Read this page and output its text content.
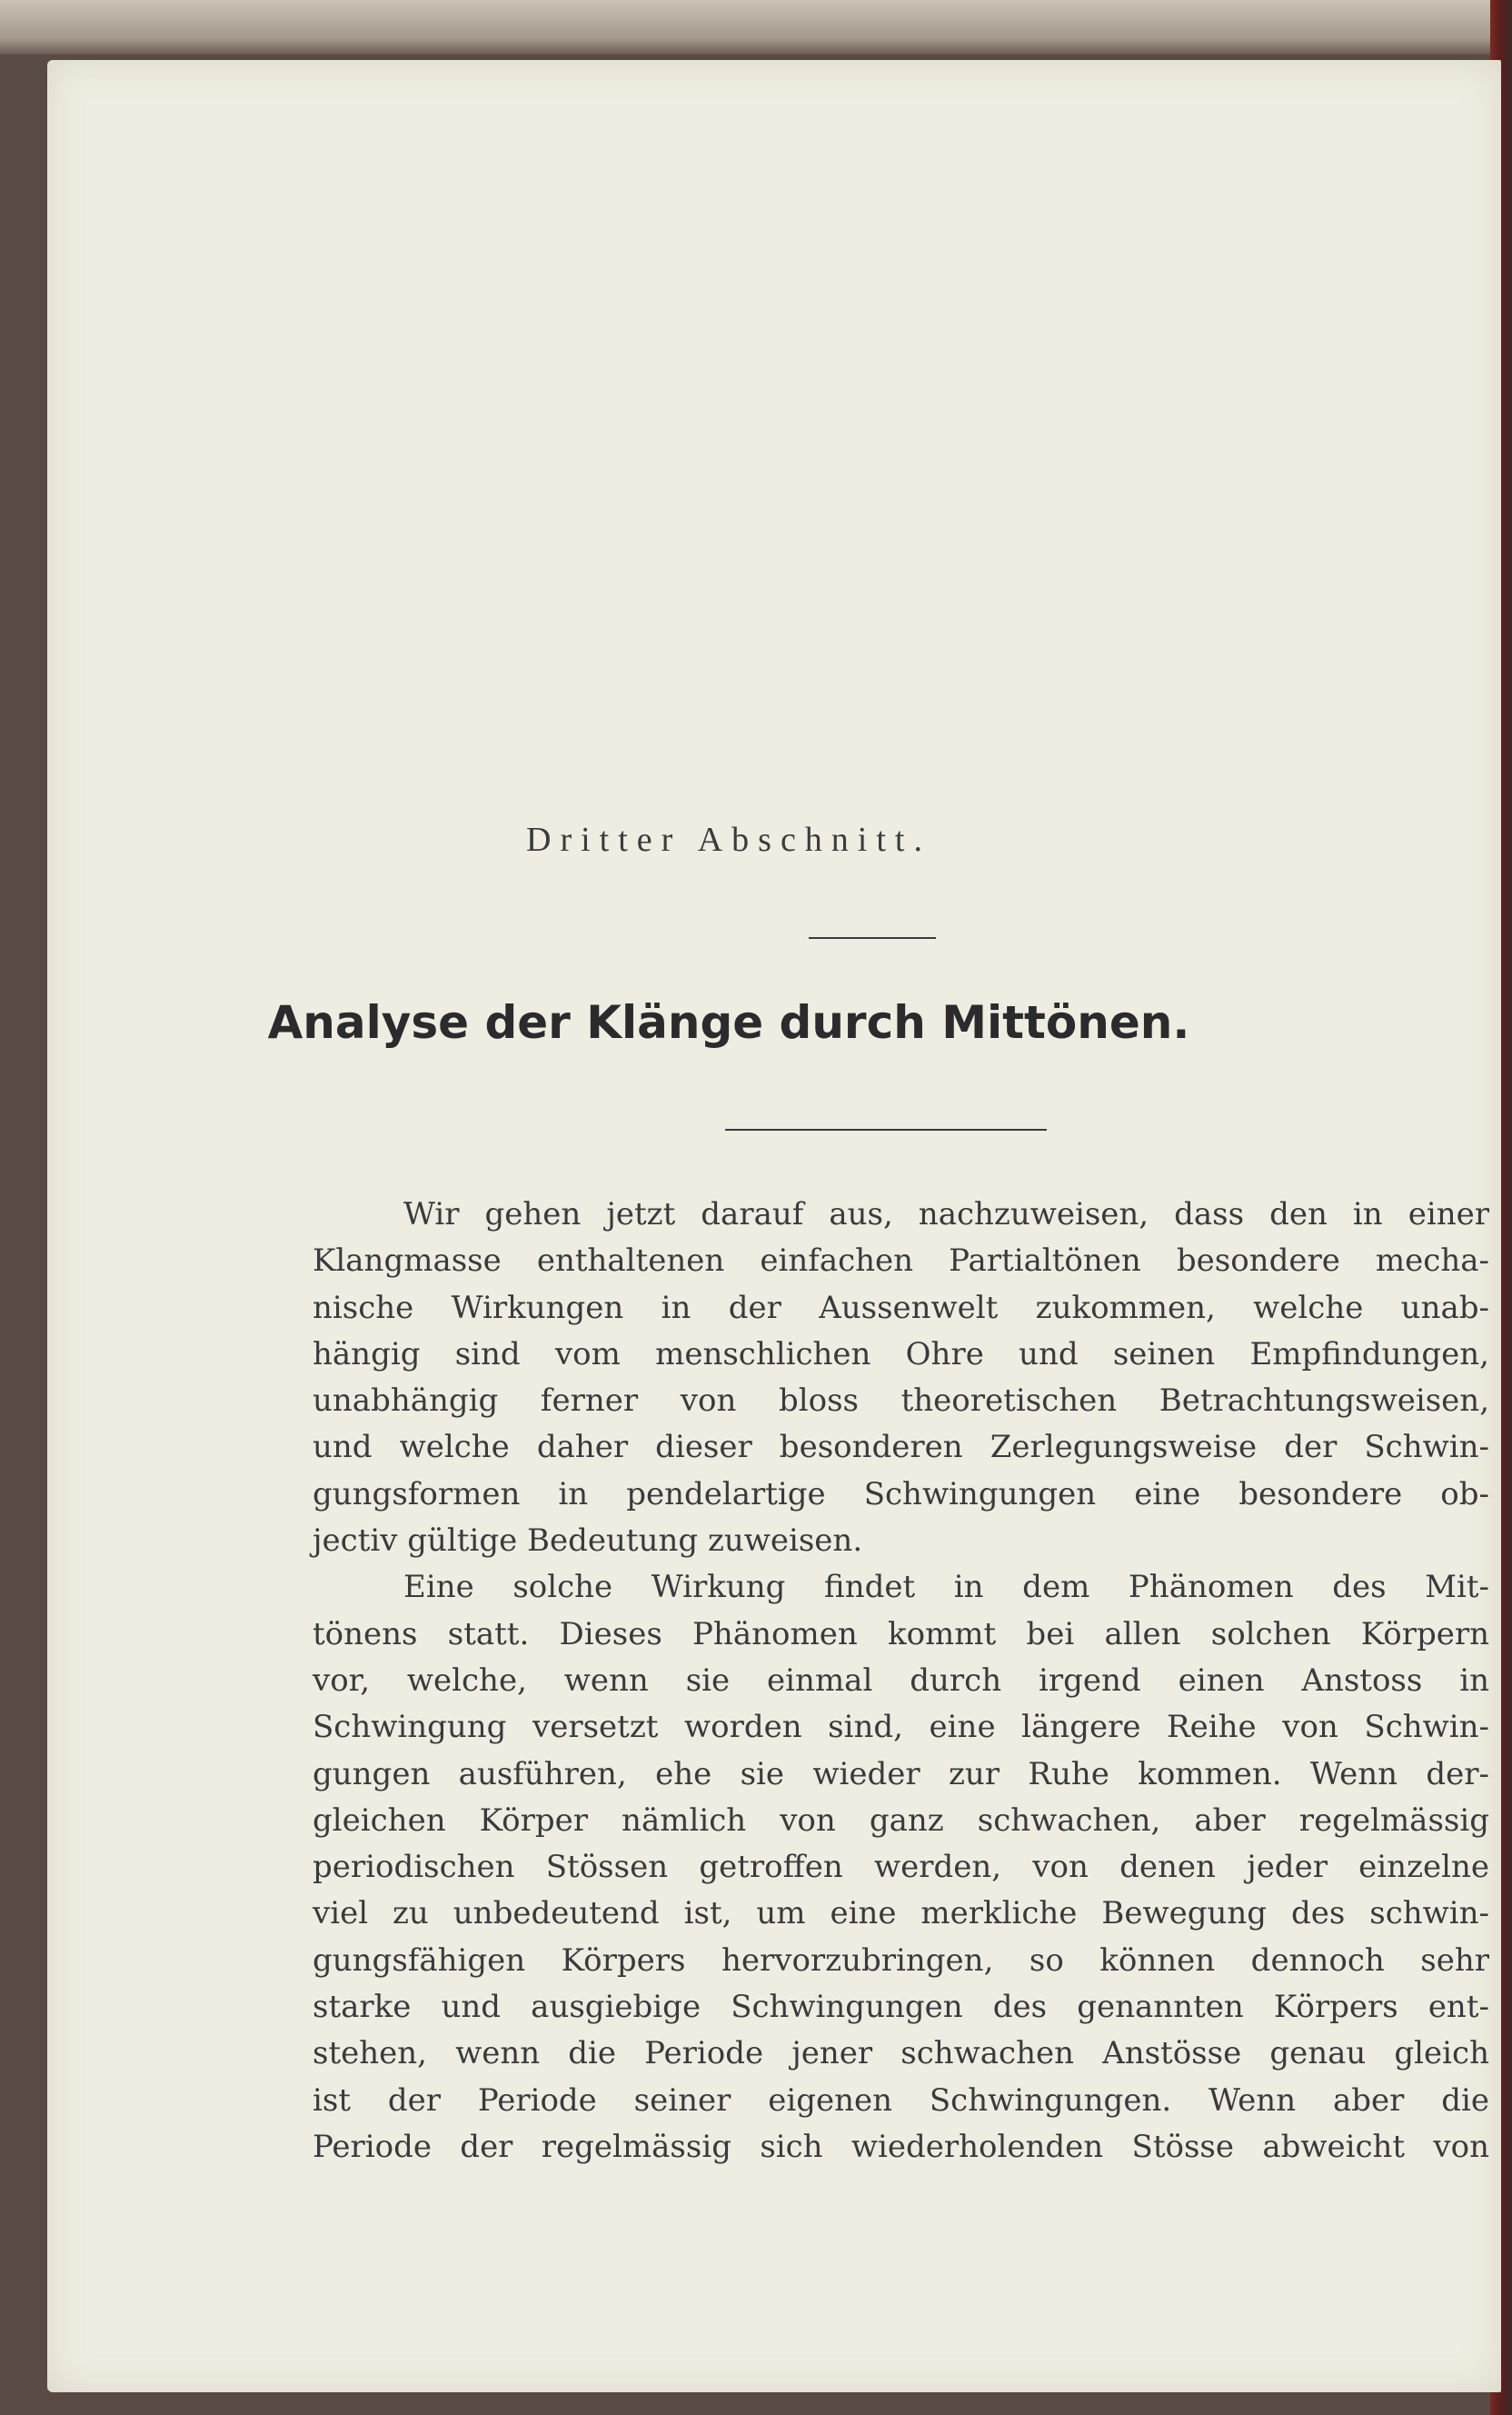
Dritter Abschnitt.
Analyse der Klänge durch Mittönen.
Wir gehen jetzt darauf aus, nachzuweisen, dass den in einer
Klangmasse enthaltenen einfachen Partialtönen besondere mecha-
nische Wirkungen in der Aussenwelt zukommen, welche unab-
hängig sind vom menschlichen Ohre und seinen Empfindungen,
unabhängig ferner von bloss theoretischen Betrachtungsweisen,
und welche daher dieser besonderen Zerlegungsweise der Schwin-
gungsformen in pendelartige Schwingungen eine besondere ob-
jectiv gültige Bedeutung zuweisen.
Eine solche Wirkung findet in dem Phänomen des Mit-
tönens statt. Dieses Phänomen kommt bei allen solchen Körpern
vor, welche, wenn sie einmal durch irgend einen Anstoss in
Schwingung versetzt worden sind, eine längere Reihe von Schwin-
gungen ausführen, ehe sie wieder zur Ruhe kommen. Wenn der-
gleichen Körper nämlich von ganz schwachen, aber regelmässig
periodischen Stössen getroffen werden, von denen jeder einzelne
viel zu unbedeutend ist, um eine merkliche Bewegung des schwin-
gungsfähigen Körpers hervorzubringen, so können dennoch sehr
starke und ausgiebige Schwingungen des genannten Körpers ent-
stehen, wenn die Periode jener schwachen Anstösse genau gleich
ist der Periode seiner eigenen Schwingungen. Wenn aber die
Periode der regelmässig sich wiederholenden Stösse abweicht von
